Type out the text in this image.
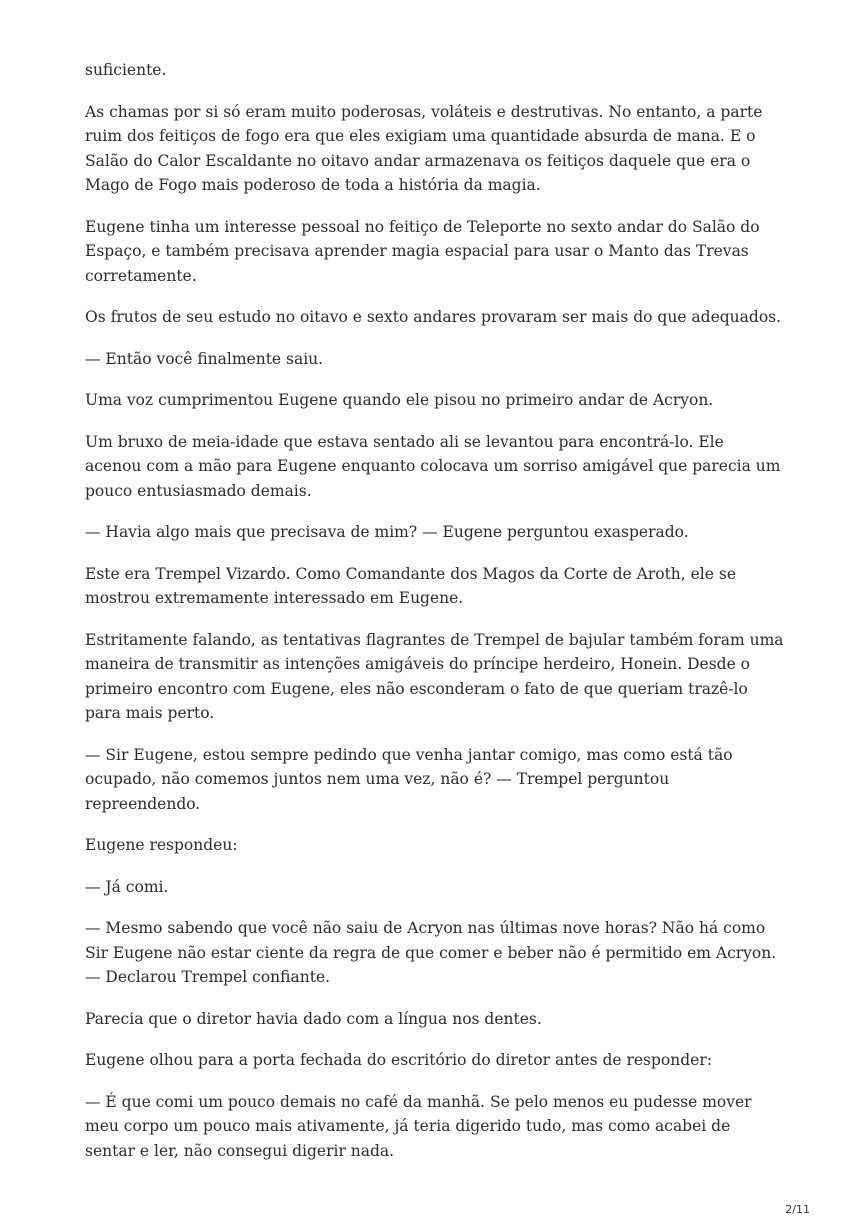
suficiente.

As chamas por si só eram muito poderosas, voláteis e destrutivas. No entanto, a parte ruim dos feitiços de fogo era que eles exigiam uma quantidade absurda de mana. E o Salão do Calor Escaldante no oitavo andar armazenava os feitiços daquele que era o Mago de Fogo mais poderoso de toda a história da magia.

Eugene tinha um interesse pessoal no feitiço de Teleporte no sexto andar do Salão do Espaço, e também precisava aprender magia espacial para usar o Manto das Trevas corretamente.

Os frutos de seu estudo no oitavo e sexto andares provaram ser mais do que adequados.

— Então você finalmente saiu.

Uma voz cumprimentou Eugene quando ele pisou no primeiro andar de Acryon.

Um bruxo de meia-idade que estava sentado ali se levantou para encontrá-lo. Ele acenou com a mão para Eugene enquanto colocava um sorriso amigável que parecia um pouco entusiasmado demais.

— Havia algo mais que precisava de mim? — Eugene perguntou exasperado.

Este era Trempel Vizardo. Como Comandante dos Magos da Corte de Aroth, ele se mostrou extremamente interessado em Eugene.

Estritamente falando, as tentativas flagrantes de Trempel de bajular também foram uma maneira de transmitir as intenções amigáveis do príncipe herdeiro, Honein. Desde o primeiro encontro com Eugene, eles não esconderam o fato de que queriam trazê-lo para mais perto.

— Sir Eugene, estou sempre pedindo que venha jantar comigo, mas como está tão ocupado, não comemos juntos nem uma vez, não é? — Trempel perguntou repreendendo.

Eugene respondeu:

— Já comi.

— Mesmo sabendo que você não saiu de Acryon nas últimas nove horas? Não há como Sir Eugene não estar ciente da regra de que comer e beber não é permitido em Acryon. — Declarou Trempel confiante.

Parecia que o diretor havia dado com a língua nos dentes.

Eugene olhou para a porta fechada do escritório do diretor antes de responder:

— É que comi um pouco demais no café da manhã. Se pelo menos eu pudesse mover meu corpo um pouco mais ativamente, já teria digerido tudo, mas como acabei de sentar e ler, não consegui digerir nada.

2/11
